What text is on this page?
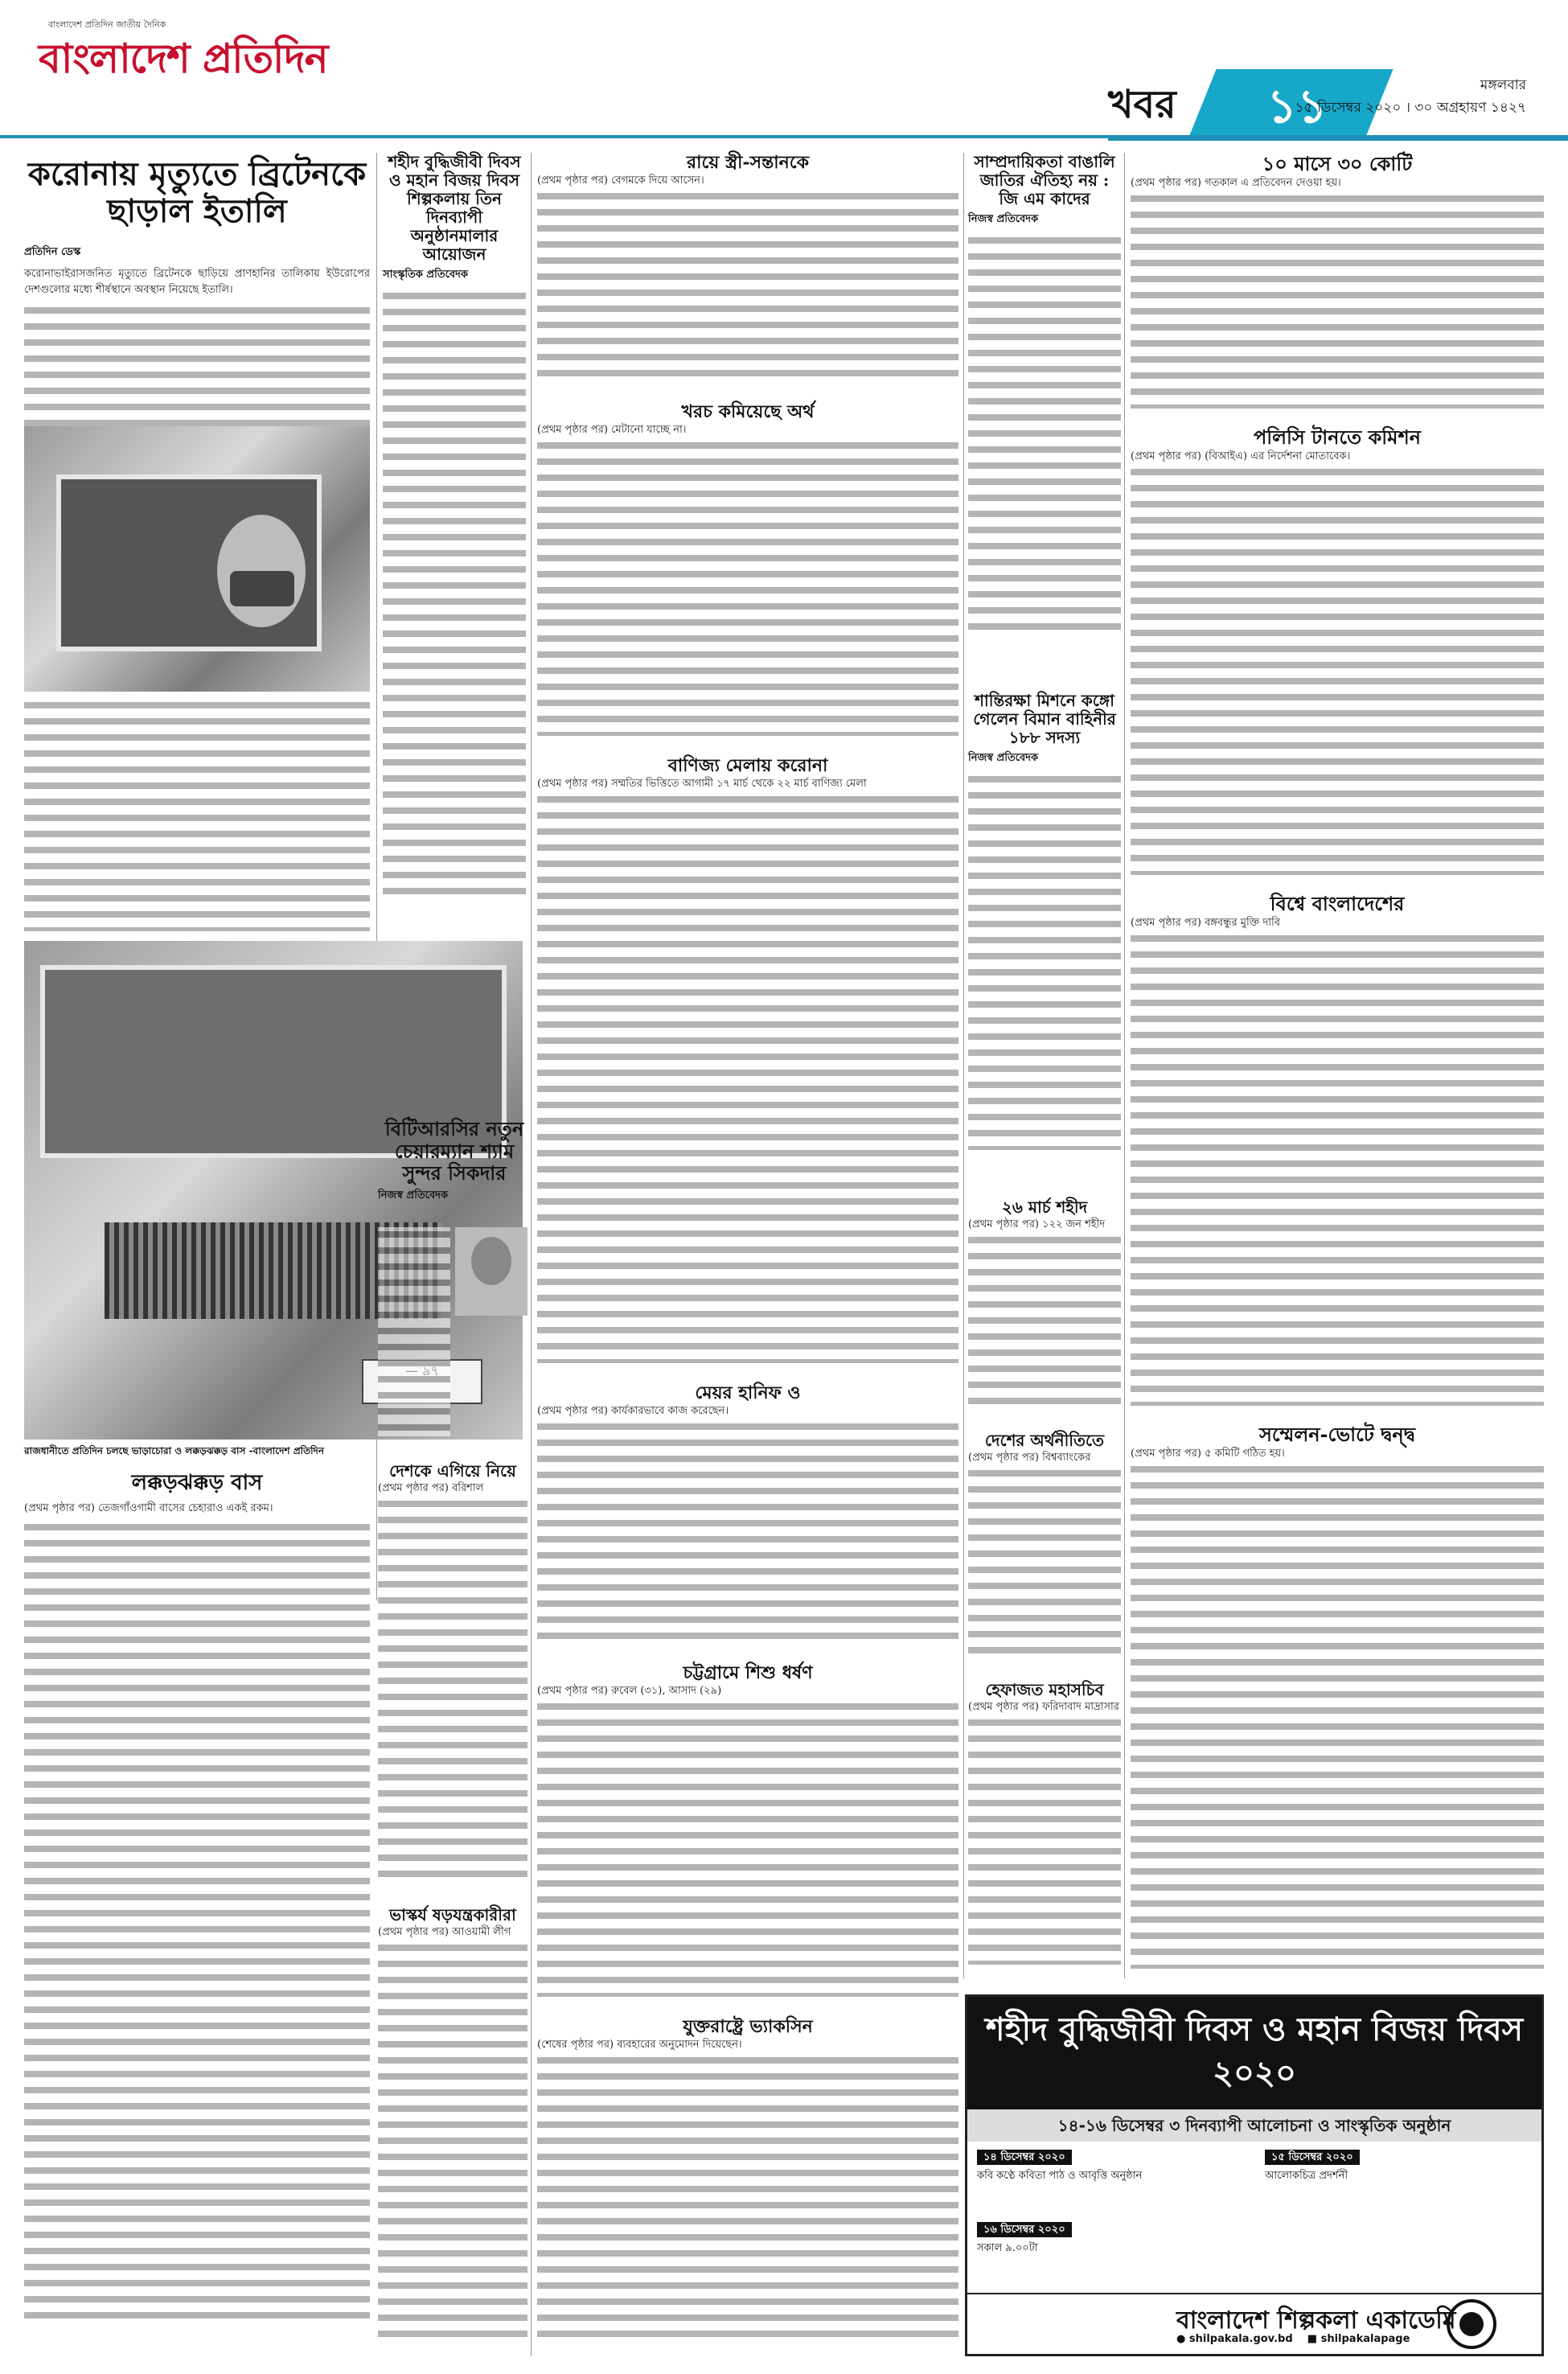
বাংলাদেশ প্রতিদিন জাতীয় দৈনিক
বাংলাদেশ প্রতিদিন
খবর	১১	মঙ্গলবার
১৫ ডিসেম্বর ২০২০ । ৩০ অগ্রহায়ণ ১৪২৭
করোনায় মৃত্যুতে ব্রিটেনকে ছাড়াল ইতালি
প্রতিদিন ডেস্ক

করোনাভাইরাসজনিত মৃত্যুতে ব্রিটেনকে ছাড়িয়ে প্রাণহানির তালিকায় ইউরোপের দেশগুলোর মধ্যে শীর্ষস্থানে অবস্থান নিয়েছে ইতালি।

রাজধানীতে প্রতিদিন চলছে ভাড়াচোরা ও লক্কড়ঝক্কড় বাস -বাংলাদেশ প্রতিদিন
লক্কড়ঝক্কড় বাস

(প্রথম পৃষ্ঠার পর) তেজগাঁওগামী বাসের চেহারাও একই রকম।

শহীদ বুদ্ধিজীবী দিবস ও মহান বিজয় দিবস শিল্পকলায় তিন দিনব্যাপী অনুষ্ঠানমালার আয়োজন
সাংস্কৃতিক প্রতিবেদক
বিটিআরসির নতুন চেয়ারম্যান শ্যাম সুন্দর সিকদার
নিজস্ব প্রতিবেদক
দেশকে এগিয়ে নিয়ে
(প্রথম পৃষ্ঠার পর) বরিশাল
ভাস্কর্য ষড়যন্ত্রকারীরা
(প্রথম পৃষ্ঠার পর) আওয়ামী লীগ
রায়ে স্ত্রী-সন্তানকে
(প্রথম পৃষ্ঠার পর) বেগমকে দিয়ে আসেন।
খরচ কমিয়েছে অর্থ
(প্রথম পৃষ্ঠার পর) মেটানো যাচ্ছে না।
বাণিজ্য মেলায় করোনা
(প্রথম পৃষ্ঠার পর) সম্মতির ভিত্তিতে আগামী ১৭ মার্চ থেকে ২২ মার্চ বাণিজ্য মেলা
মেয়র হানিফ ও
(প্রথম পৃষ্ঠার পর) কার্যকারভাবে কাজ করেছেন।
চট্টগ্রামে শিশু ধর্ষণ
(প্রথম পৃষ্ঠার পর) রুবেল (৩১), আসাদ (২৯)
যুক্তরাষ্ট্রে ভ্যাকসিন
(শেষের পৃষ্ঠার পর) ব্যবহারের অনুমোদন দিয়েছেন।
সাম্প্রদায়িকতা বাঙালি জাতির ঐতিহ্য নয় : জি এম কাদের
নিজস্ব প্রতিবেদক
শান্তিরক্ষা মিশনে কঙ্গো গেলেন বিমান বাহিনীর ১৮৮ সদস্য
নিজস্ব প্রতিবেদক
২৬ মার্চ শহীদ
(প্রথম পৃষ্ঠার পর) ১২২ জন শহীদ
দেশের অর্থনীতিতে
(প্রথম পৃষ্ঠার পর) বিশ্বব্যাংকের
হেফাজত মহাসচিব
(প্রথম পৃষ্ঠার পর) ফরিদাবাদ মাদ্রাসার
১০ মাসে ৩০ কোটি
(প্রথম পৃষ্ঠার পর) গতকাল এ প্রতিবেদন দেওয়া হয়।
পলিসি টানতে কমিশন
(প্রথম পৃষ্ঠার পর) (বিআইএ) এর নির্দেশনা মোতাবেক।
বিশ্বে বাংলাদেশের
(প্রথম পৃষ্ঠার পর) বঙ্গবন্ধুর মুক্তি দাবি
সম্মেলন-ভোটে দ্বন্দ্ব
(প্রথম পৃষ্ঠার পর) ৫ কমিটি গঠিত হয়।
শহীদ বুদ্ধিজীবী দিবস ও মহান বিজয় দিবস ২০২০
১৪-১৬ ডিসেম্বর ৩ দিনব্যাপী আলোচনা ও সাংস্কৃতিক অনুষ্ঠান
১৪ ডিসেম্বর ২০২০
কবি কণ্ঠে কবিতা পাঠ ও আবৃত্তি অনুষ্ঠান
১৫ ডিসেম্বর ২০২০
আলোকচিত্র প্রদর্শনী
১৬ ডিসেম্বর ২০২০
সকাল ৯.০০টা
বাংলাদেশ শিল্পকলা একাডেমি
● shilpakala.gov.bd ■ shilpakalapage
